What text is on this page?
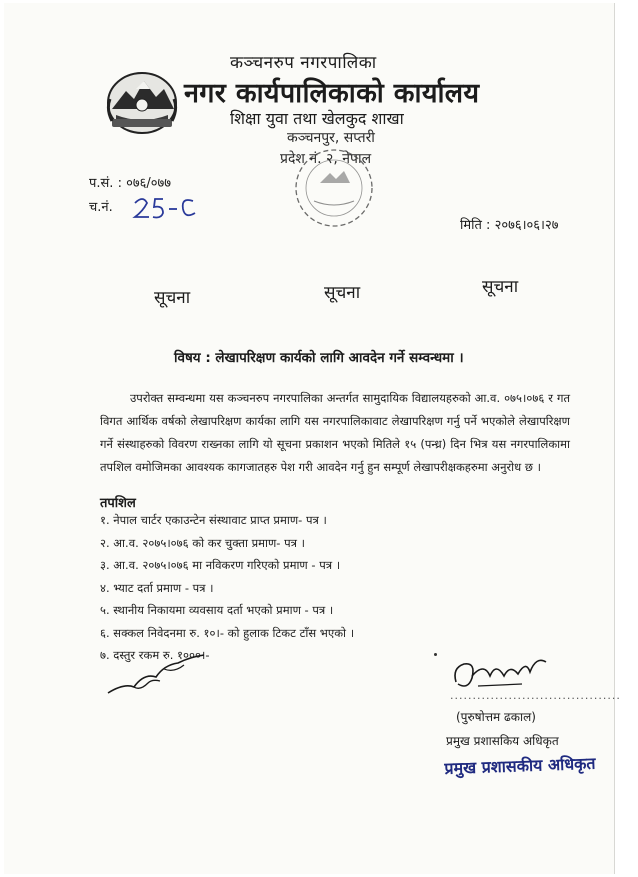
कञ्चनरुप नगरपालिका
नगर कार्यपालिकाको कार्यालय
शिक्षा युवा तथा खेलकुद शाखा
कञ्चनपुर, सप्तरी
प्रदेश नं. २, नेपाल
प.सं. : ०७६/०७७
च.नं.
मिति : २०७६।०६।२७
सूचना	सूचना	सूचना
विषय : लेखापरिक्षण कार्यको लागि आवदेन गर्ने सम्वन्धमा ।
उपरोक्त सम्वन्धमा यस कञ्चनरुप नगरपालिका अन्तर्गत सामुदायिक विद्यालयहरुको आ.व. ०७५।०७६ र गत विगत आर्थिक वर्षको लेखापरिक्षण कार्यका लागि यस नगरपालिकावाट लेखापरिक्षण गर्नु पर्ने भएकोले लेखापरिक्षण गर्ने संस्थाहरुको विवरण राख्नका लागि यो सूचना प्रकाशन भएको मितिले १५ (पन्ध्र) दिन भित्र यस नगरपालिकामा तपशिल वमोजिमका आवश्यक कागजातहरु पेश गरी आवदेन गर्नु हुन सम्पूर्ण लेखापरीक्षकहरुमा अनुरोध छ ।
तपशिल
१. नेपाल चार्टर एकाउन्टेन संस्थावाट प्राप्त प्रमाण- पत्र ।
२. आ.व. २०७५।०७६ को कर चुक्ता प्रमाण- पत्र ।
३. आ.व. २०७५।०७६ मा नविकरण गरिएको प्रमाण - पत्र ।
४. भ्याट दर्ता प्रमाण - पत्र ।
५. स्थानीय निकायमा व्यवसाय दर्ता भएको प्रमाण - पत्र ।
६. सक्कल निवेदनमा रु. १०।- को हुलाक टिकट टाँस भएको ।
७. दस्तुर रकम रु. १०००।-
......................................
(पुरुषोत्तम ढकाल)
प्रमुख प्रशासकिय अधिकृत
प्रमुख प्रशासकीय अधिकृत
